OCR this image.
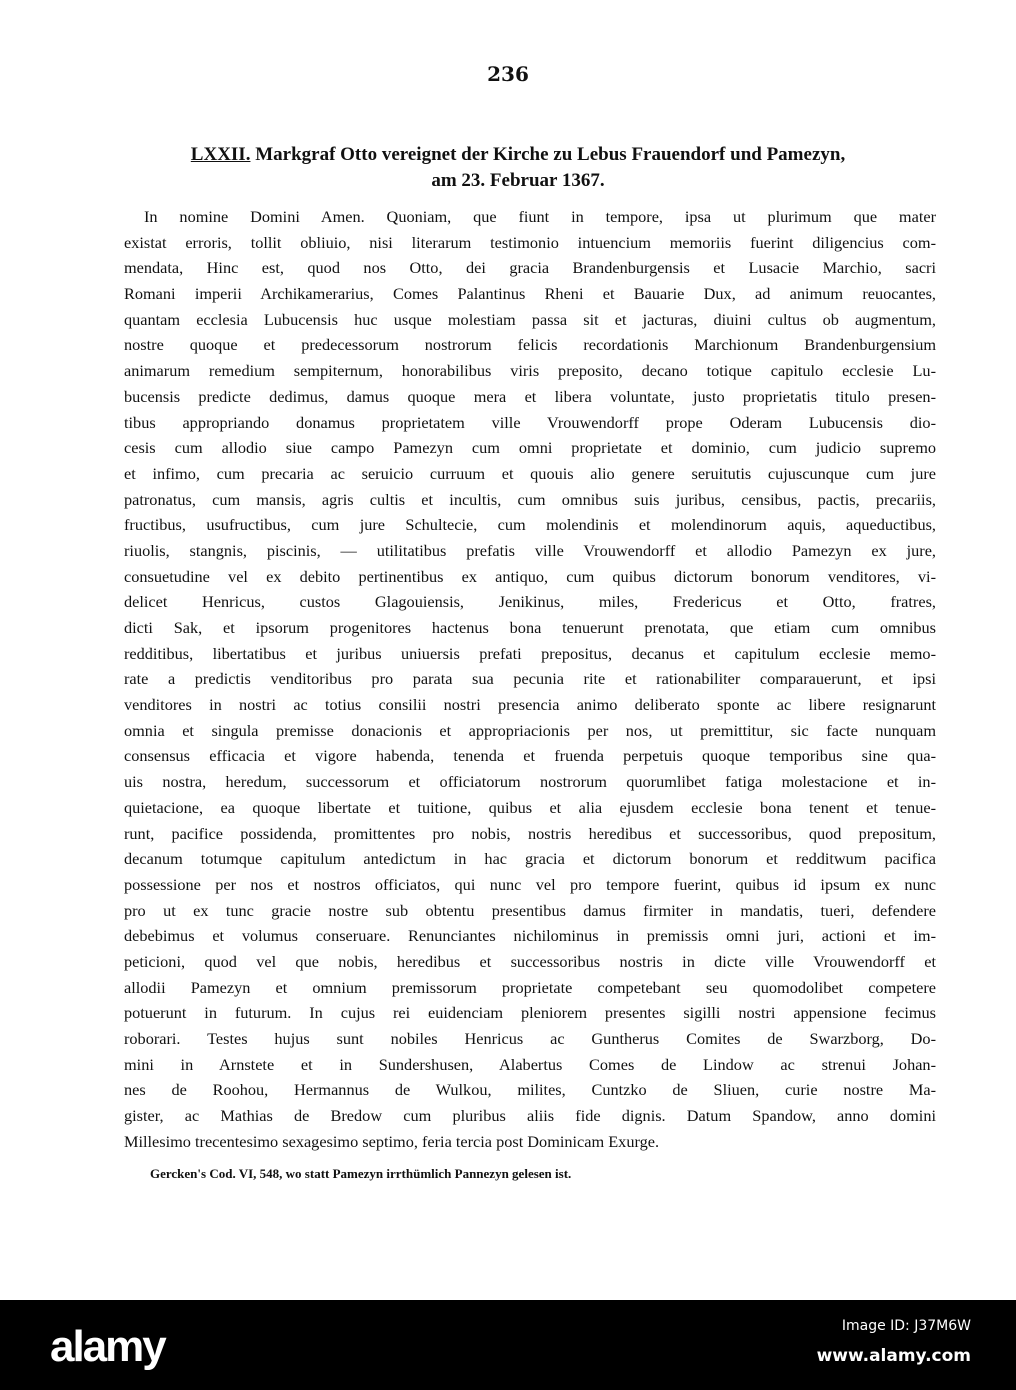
236
LXXII. Markgraf Otto vereignet der Kirche zu Lebus Frauendorf und Pamezyn,
am 23. Februar 1367.
In nomine Domini Amen. Quoniam, que fiunt in tempore, ipsa ut plurimum que mater
existat erroris, tollit obliuio, nisi literarum testimonio intuencium memoriis fuerint diligencius com-
mendata, Hinc est, quod nos Otto, dei gracia Brandenburgensis et Lusacie Marchio, sacri
Romani imperii Archikamerarius, Comes Palantinus Rheni et Bauarie Dux, ad animum reuocantes,
quantam ecclesia Lubucensis huc usque molestiam passa sit et jacturas, diuini cultus ob augmentum,
nostre quoque et predecessorum nostrorum felicis recordationis Marchionum Brandenburgensium
animarum remedium sempiternum, honorabilibus viris preposito, decano totique capitulo ecclesie Lu-
bucensis predicte dedimus, damus quoque mera et libera voluntate, justo proprietatis titulo presen-
tibus appropriando donamus proprietatem ville Vrouwendorff prope Oderam Lubucensis dio-
cesis cum allodio siue campo Pamezyn cum omni proprietate et dominio, cum judicio supremo
et infimo, cum precaria ac seruicio curruum et quouis alio genere seruitutis cujuscunque cum jure
patronatus, cum mansis, agris cultis et incultis, cum omnibus suis juribus, censibus, pactis, precariis,
fructibus, usufructibus, cum jure Schultecie, cum molendinis et molendinorum aquis, aqueductibus,
riuolis, stangnis, piscinis, — utilitatibus prefatis ville Vrouwendorff et allodio Pamezyn ex jure,
consuetudine vel ex debito pertinentibus ex antiquo, cum quibus dictorum bonorum venditores, vi-
delicet Henricus, custos Glagouiensis, Jenikinus, miles, Fredericus et Otto, fratres,
dicti Sak, et ipsorum progenitores hactenus bona tenuerunt prenotata, que etiam cum omnibus
redditibus, libertatibus et juribus uniuersis prefati prepositus, decanus et capitulum ecclesie memo-
rate a predictis venditoribus pro parata sua pecunia rite et rationabiliter comparauerunt, et ipsi
venditores in nostri ac totius consilii nostri presencia animo deliberato sponte ac libere resignarunt
omnia et singula premisse donacionis et appropriacionis per nos, ut premittitur, sic facte nunquam
consensus efficacia et vigore habenda, tenenda et fruenda perpetuis quoque temporibus sine qua-
uis nostra, heredum, successorum et officiatorum nostrorum quorumlibet fatiga molestacione et in-
quietacione, ea quoque libertate et tuitione, quibus et alia ejusdem ecclesie bona tenent et tenue-
runt, pacifice possidenda, promittentes pro nobis, nostris heredibus et successoribus, quod prepositum,
decanum totumque capitulum antedictum in hac gracia et dictorum bonorum et redditwum pacifica
possessione per nos et nostros officiatos, qui nunc vel pro tempore fuerint, quibus id ipsum ex nunc
pro ut ex tunc gracie nostre sub obtentu presentibus damus firmiter in mandatis, tueri, defendere
debebimus et volumus conseruare. Renunciantes nichilominus in premissis omni juri, actioni et im-
peticioni, quod vel que nobis, heredibus et successoribus nostris in dicte ville Vrouwendorff et
allodii Pamezyn et omnium premissorum proprietate competebant seu quomodolibet competere
potuerunt in futurum. In cujus rei euidenciam pleniorem presentes sigilli nostri appensione fecimus
roborari. Testes hujus sunt nobiles Henricus ac Guntherus Comites de Swarzborg, Do-
mini in Arnstete et in Sundershusen, Alabertus Comes de Lindow ac strenui Johan-
nes de Roohou, Hermannus de Wulkou, milites, Cuntzko de Sliuen, curie nostre Ma-
gister, ac Mathias de Bredow cum pluribus aliis fide dignis. Datum Spandow, anno domini
Millesimo trecentesimo sexagesimo septimo, feria tercia post Dominicam Exurge.
Gercken's Cod. VI, 548, wo statt Pamezyn irrthümlich Pannezyn gelesen ist.
alamy	Image ID: J37M6W
www.alamy.com
